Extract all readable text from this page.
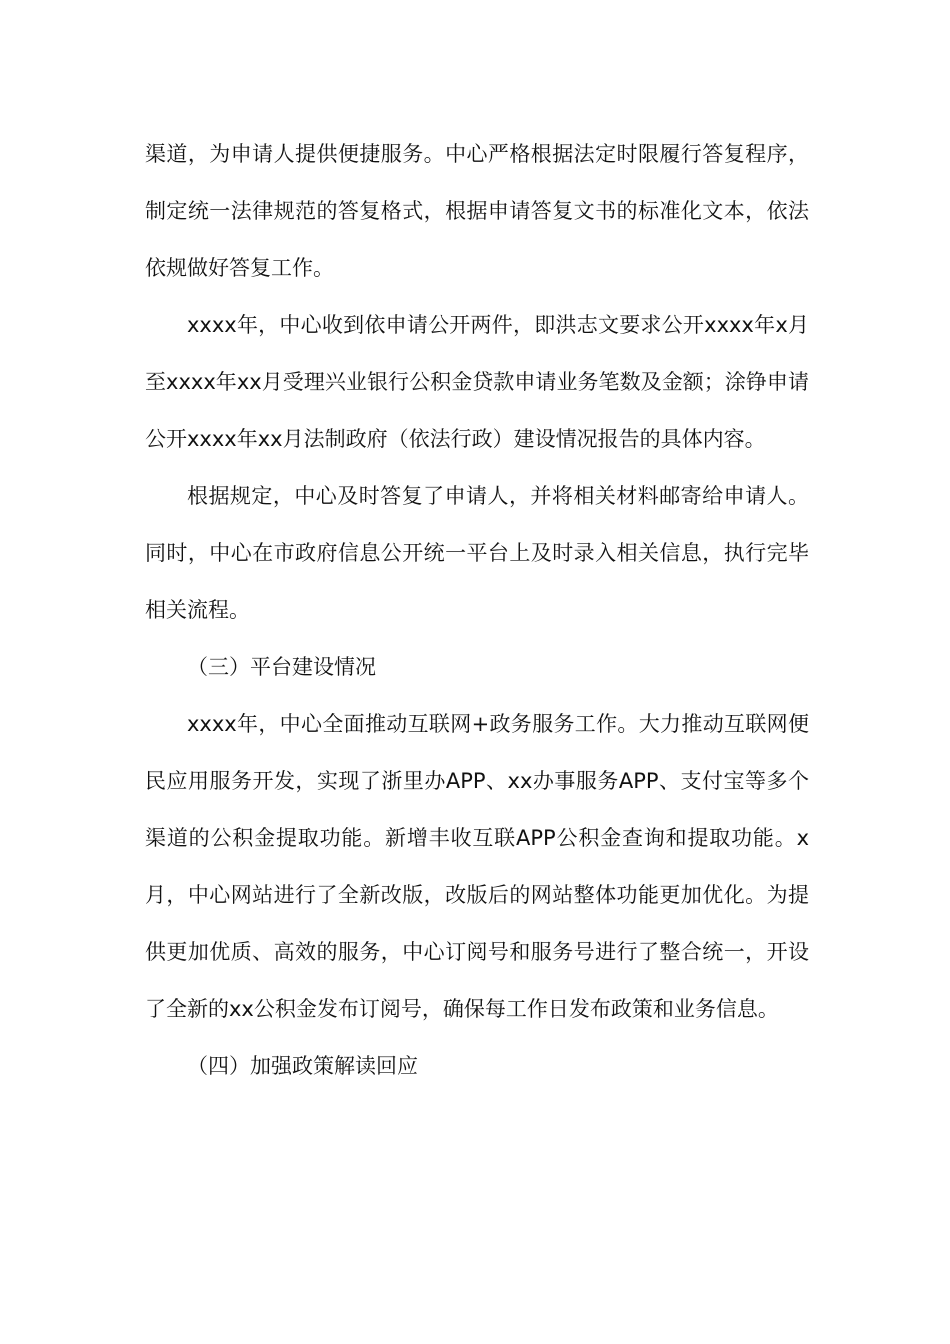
渠道，为申请人提供便捷服务。中心严格根据法定时限履行答复程序，制定统一法律规范的答复格式，根据申请答复文书的标准化文本，依法依规做好答复工作。

xxxx年，中心收到依申请公开两件，即洪志文要求公开xxxx年x月至xxxx年xx月受理兴业银行公积金贷款申请业务笔数及金额；涂铮申请公开xxxx年xx月法制政府（依法行政）建设情况报告的具体内容。

根据规定，中心及时答复了申请人，并将相关材料邮寄给申请人。同时，中心在市政府信息公开统一平台上及时录入相关信息，执行完毕相关流程。

（三）平台建设情况

xxxx年，中心全面推动互联网+政务服务工作。大力推动互联网便民应用服务开发，实现了浙里办APP、xx办事服务APP、支付宝等多个渠道的公积金提取功能。新增丰收互联APP公积金查询和提取功能。x月，中心网站进行了全新改版，改版后的网站整体功能更加优化。为提供更加优质、高效的服务，中心订阅号和服务号进行了整合统一，开设了全新的xx公积金发布订阅号，确保每工作日发布政策和业务信息。

（四）加强政策解读回应
